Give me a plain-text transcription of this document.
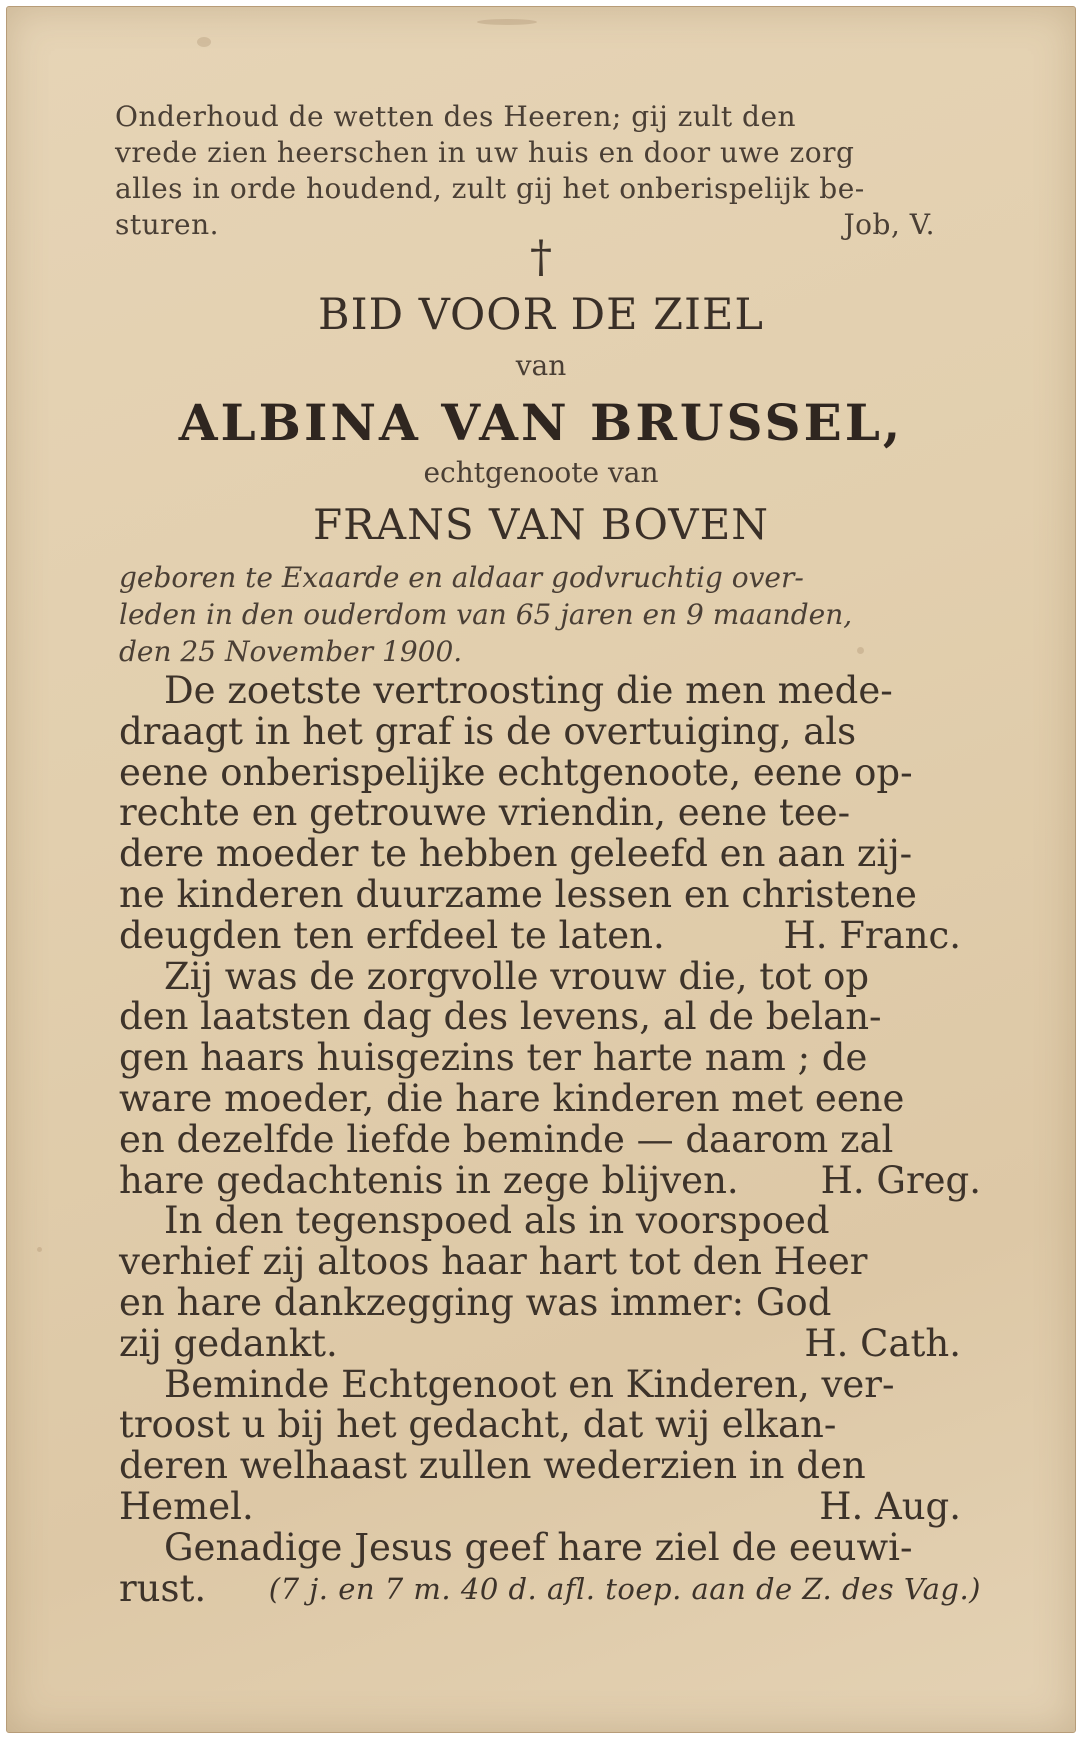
Onderhoud de wetten des Heeren; gij zult den
vrede zien heerschen in uw huis en door uwe zorg
alles in orde houdend, zult gij het onberispelijk be-
sturen.	Job, V.
†
BID VOOR DE ZIEL
van
ALBINA VAN BRUSSEL,
echtgenoote van
FRANS VAN BOVEN
geboren te Exaarde en aldaar godvruchtig over-
leden in den ouderdom van 65 jaren en 9 maanden,
den 25 November 1900.
De zoetste vertroosting die men mede-
draagt in het graf is de overtuiging, als
eene onberispelijke echtgenoote, eene op-
rechte en getrouwe vriendin, eene tee-
dere moeder te hebben geleefd en aan zij-
ne kinderen duurzame lessen en christene
deugden ten erfdeel te laten.	H. Franc.
Zij was de zorgvolle vrouw die, tot op
den laatsten dag des levens, al de belan-
gen haars huisgezins ter harte nam ; de
ware moeder, die hare kinderen met eene
en dezelfde liefde beminde — daarom zal
hare gedachtenis in zege blijven. H. Greg.
In den tegenspoed als in voorspoed
verhief zij altoos haar hart tot den Heer
en hare dankzegging was immer: God
zij gedankt.	H. Cath.
Beminde Echtgenoot en Kinderen, ver-
troost u bij het gedacht, dat wij elkan-
deren welhaast zullen wederzien in den
Hemel.	H. Aug.
Genadige Jesus geef hare ziel de eeuwi-
rust. (7 j. en 7 m. 40 d. afl. toep. aan de Z. des Vag.)
